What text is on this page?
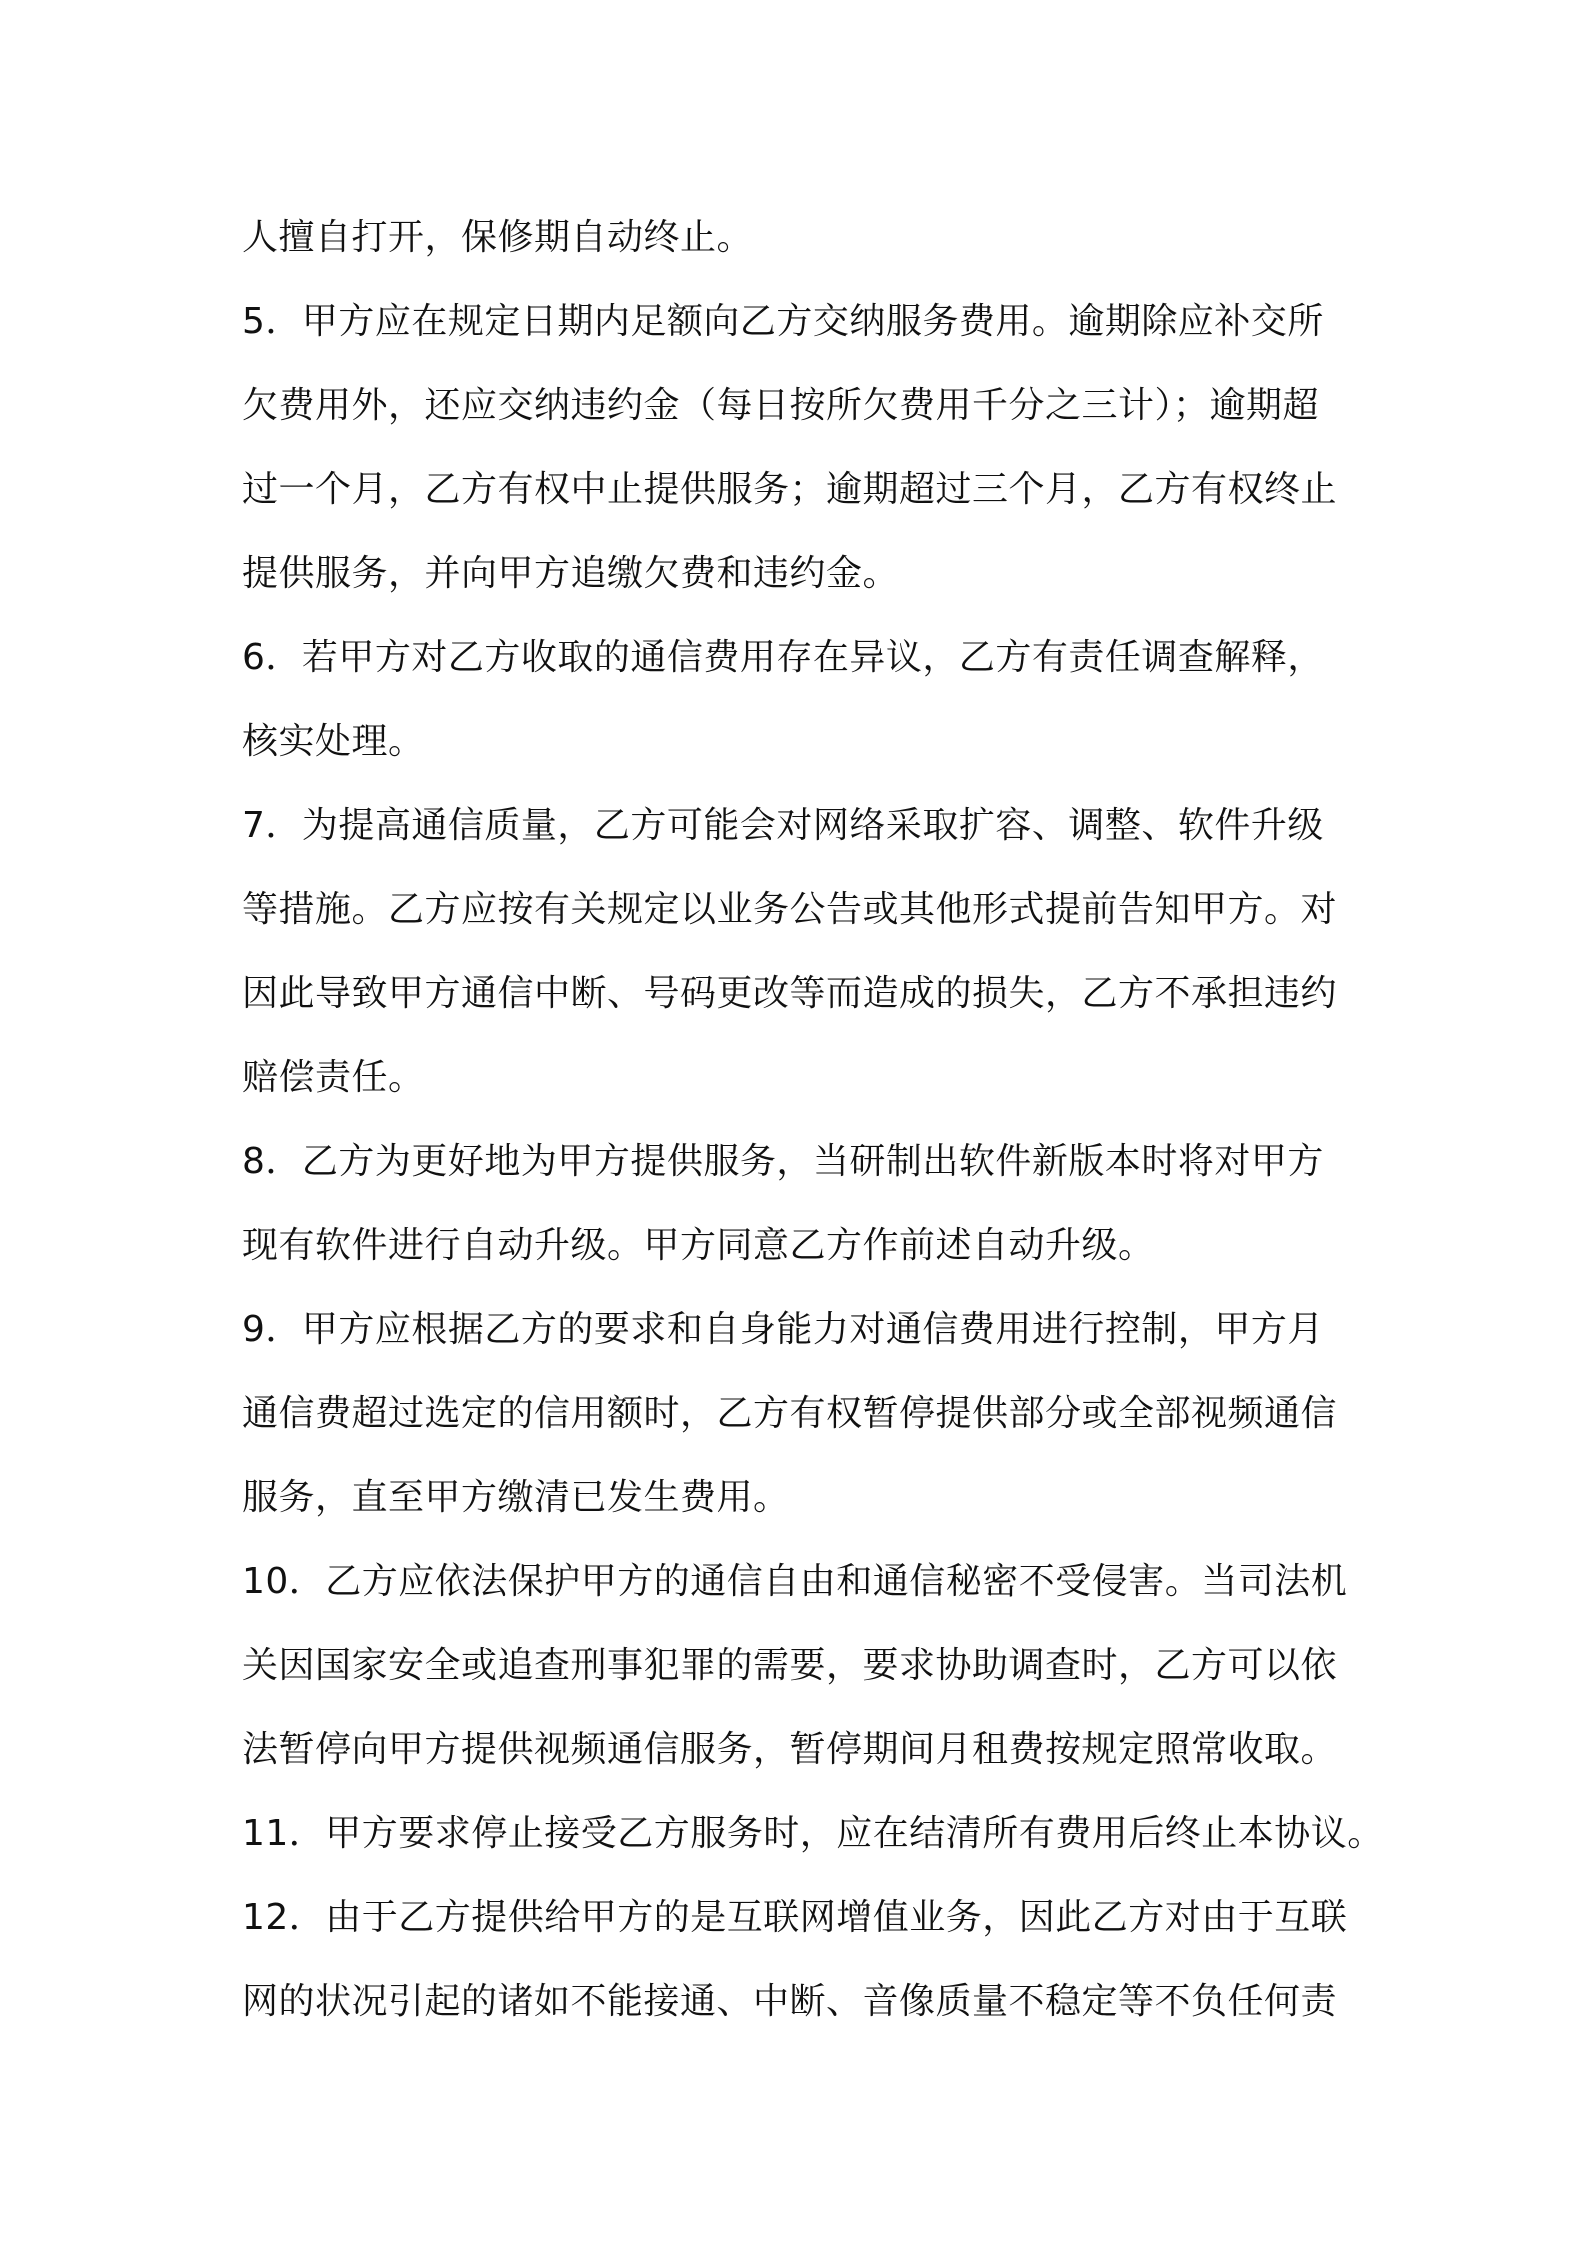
人擅自打开，保修期自动终止。
5．甲方应在规定日期内足额向乙方交纳服务费用。逾期除应补交所
欠费用外，还应交纳违约金（每日按所欠费用千分之三计）；逾期超
过一个月，乙方有权中止提供服务；逾期超过三个月，乙方有权终止
提供服务，并向甲方追缴欠费和违约金。
6．若甲方对乙方收取的通信费用存在异议，乙方有责任调查解释，
核实处理。
7．为提高通信质量，乙方可能会对网络采取扩容、调整、软件升级
等措施。乙方应按有关规定以业务公告或其他形式提前告知甲方。对
因此导致甲方通信中断、号码更改等而造成的损失，乙方不承担违约
赔偿责任。
8．乙方为更好地为甲方提供服务，当研制出软件新版本时将对甲方
现有软件进行自动升级。甲方同意乙方作前述自动升级。
9．甲方应根据乙方的要求和自身能力对通信费用进行控制，甲方月
通信费超过选定的信用额时，乙方有权暂停提供部分或全部视频通信
服务，直至甲方缴清已发生费用。
10．乙方应依法保护甲方的通信自由和通信秘密不受侵害。当司法机
关因国家安全或追查刑事犯罪的需要，要求协助调查时，乙方可以依
法暂停向甲方提供视频通信服务，暂停期间月租费按规定照常收取。
11．甲方要求停止接受乙方服务时，应在结清所有费用后终止本协议。
12．由于乙方提供给甲方的是互联网增值业务，因此乙方对由于互联
网的状况引起的诸如不能接通、中断、音像质量不稳定等不负任何责
